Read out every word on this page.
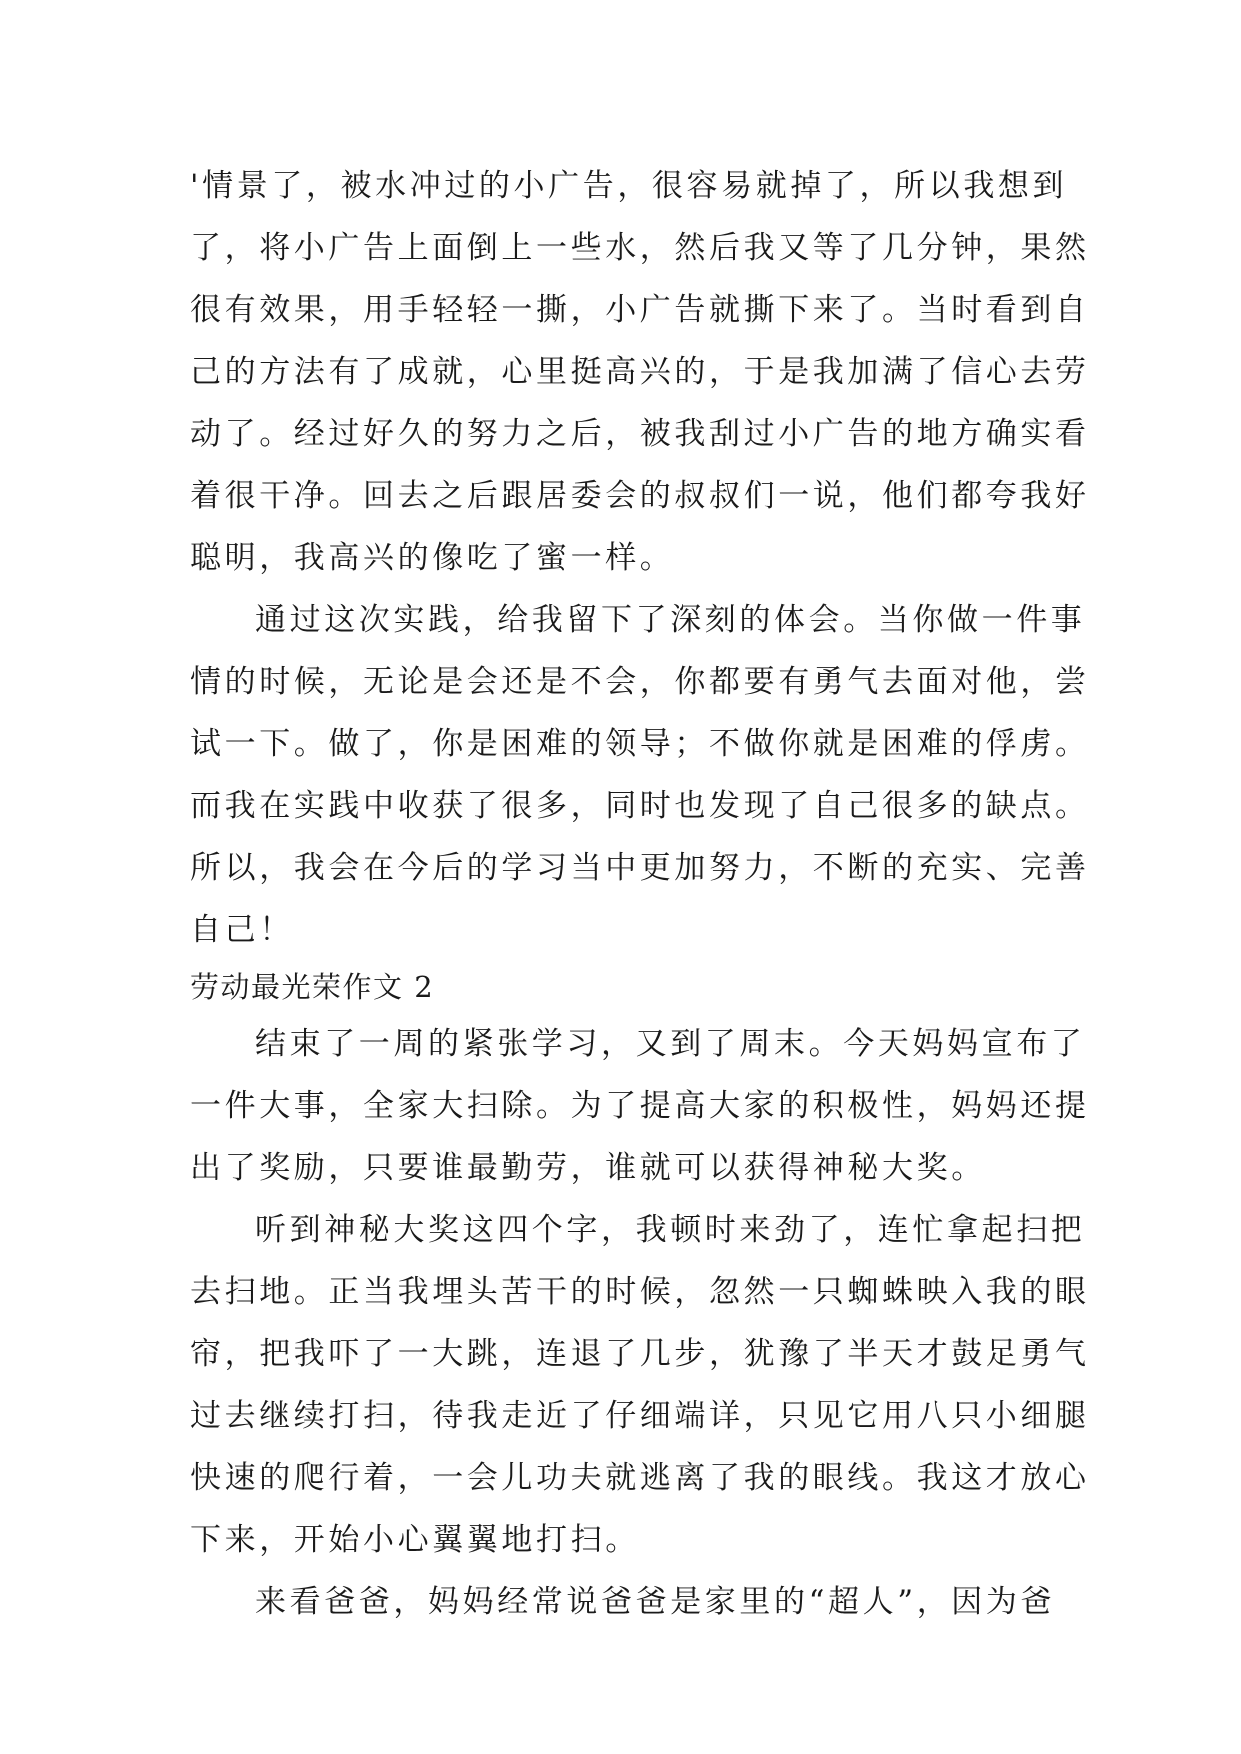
'情景了，被水冲过的小广告，很容易就掉了，所以我想到
了，将小广告上面倒上一些水，然后我又等了几分钟，果然
很有效果，用手轻轻一撕，小广告就撕下来了。当时看到自
己的方法有了成就，心里挺高兴的，于是我加满了信心去劳
动了。经过好久的努力之后，被我刮过小广告的地方确实看
着很干净。回去之后跟居委会的叔叔们一说，他们都夸我好
聪明，我高兴的像吃了蜜一样。
通过这次实践，给我留下了深刻的体会。当你做一件事
情的时候，无论是会还是不会，你都要有勇气去面对他，尝
试一下。做了，你是困难的领导；不做你就是困难的俘虏。
而我在实践中收获了很多，同时也发现了自己很多的缺点。
所以，我会在今后的学习当中更加努力，不断的充实、完善
自己！
劳动最光荣作文 2
结束了一周的紧张学习，又到了周末。今天妈妈宣布了
一件大事，全家大扫除。为了提高大家的积极性，妈妈还提
出了奖励，只要谁最勤劳，谁就可以获得神秘大奖。
听到神秘大奖这四个字，我顿时来劲了，连忙拿起扫把
去扫地。正当我埋头苦干的时候，忽然一只蜘蛛映入我的眼
帘，把我吓了一大跳，连退了几步，犹豫了半天才鼓足勇气
过去继续打扫，待我走近了仔细端详，只见它用八只小细腿
快速的爬行着，一会儿功夫就逃离了我的眼线。我这才放心
下来，开始小心翼翼地打扫。
来看爸爸，妈妈经常说爸爸是家里的“超人”，因为爸
